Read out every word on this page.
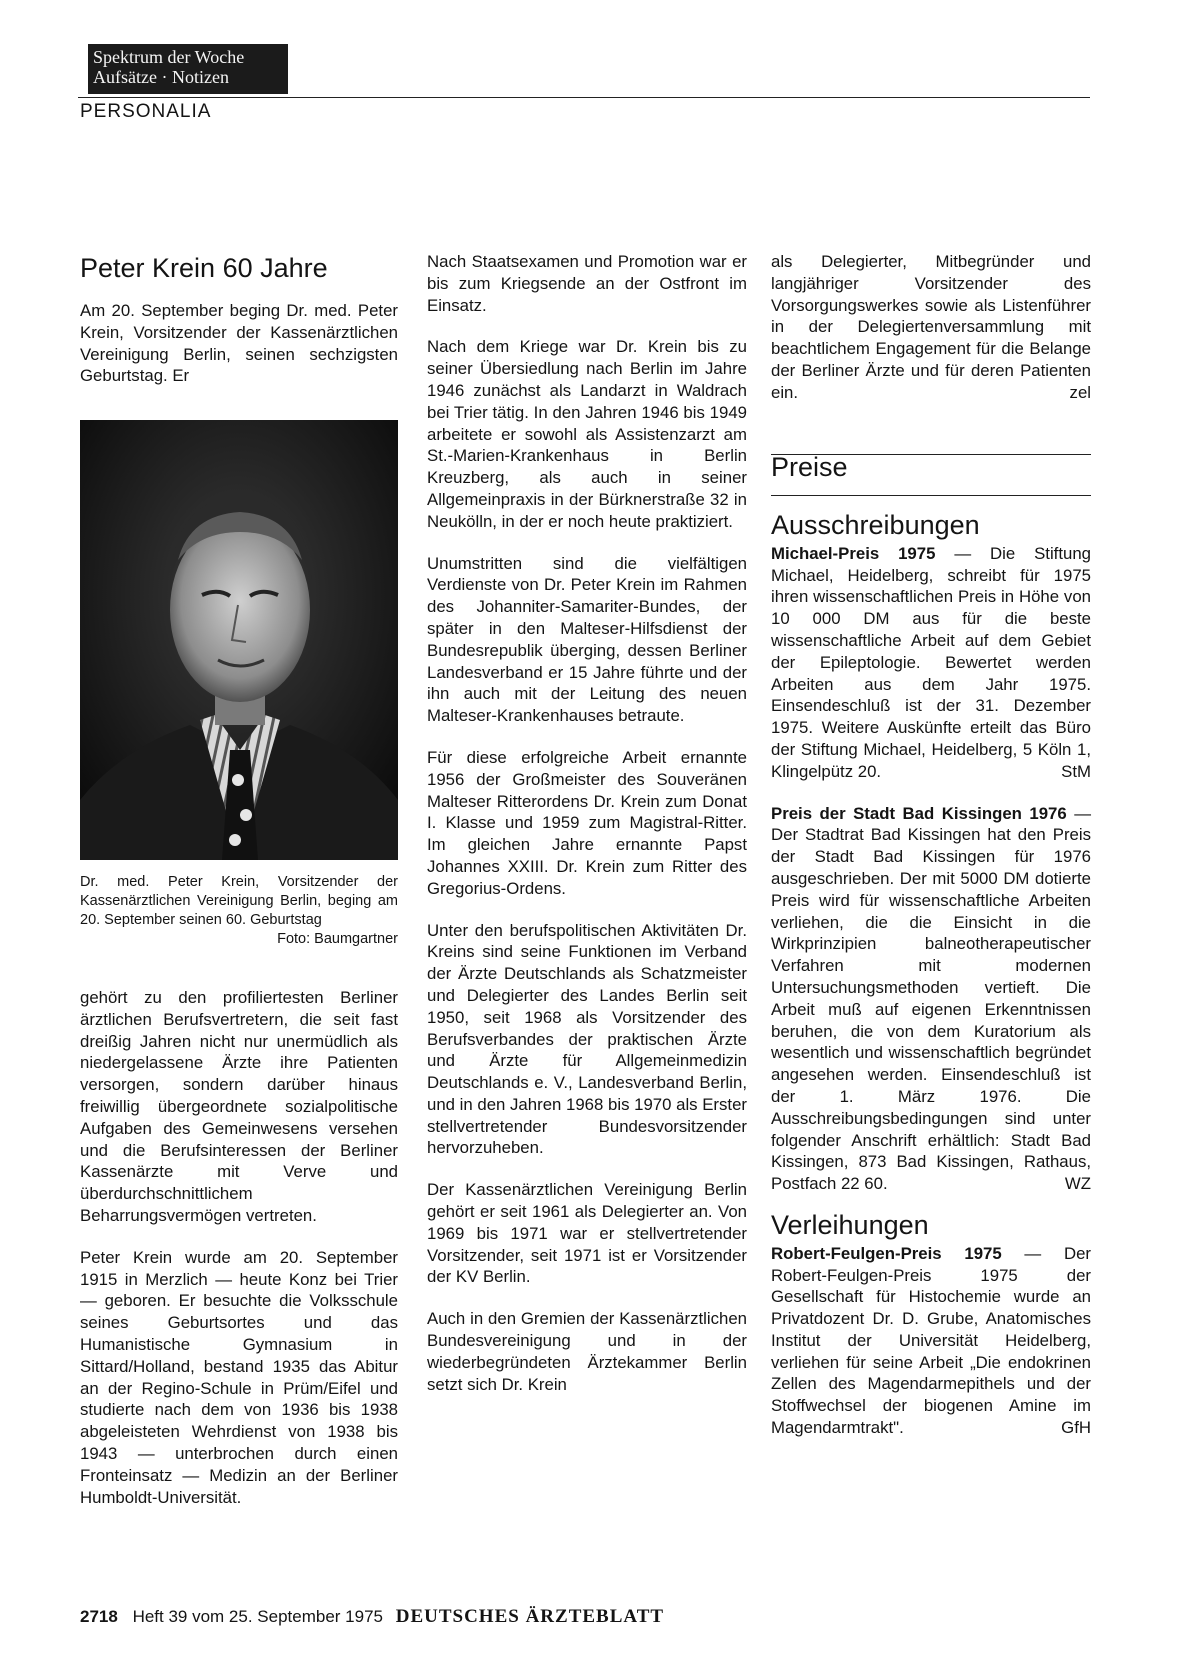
Spektrum der Woche
Aufsätze · Notizen
PERSONALIA
Peter Krein 60 Jahre

Am 20. September beging Dr. med. Peter Krein, Vorsitzender der Kassenärztlichen Vereinigung Berlin, seinen sechzigsten Geburtstag. Er

Dr. med. Peter Krein, Vorsitzender der Kassenärztlichen Vereinigung Berlin, beging am 20. September seinen 60. Geburtstag
Foto: Baumgartner

gehört zu den profiliertesten Berliner ärztlichen Berufsvertretern, die seit fast dreißig Jahren nicht nur unermüdlich als niedergelassene Ärzte ihre Patienten versorgen, sondern darüber hinaus freiwillig übergeordnete sozialpolitische Aufgaben des Gemeinwesens versehen und die Berufsinteressen der Berliner Kassenärzte mit Verve und überdurchschnittlichem Beharrungsvermögen vertreten.

Peter Krein wurde am 20. September 1915 in Merzlich — heute Konz bei Trier — geboren. Er besuchte die Volksschule seines Geburtsortes und das Humanistische Gymnasium in Sittard/Holland, bestand 1935 das Abitur an der Regino-Schule in Prüm/Eifel und studierte nach dem von 1936 bis 1938 abgeleisteten Wehrdienst von 1938 bis 1943 — unterbrochen durch einen Fronteinsatz — Medizin an der Berliner Humboldt-Universität.

Nach Staatsexamen und Promotion war er bis zum Kriegsende an der Ostfront im Einsatz.

Nach dem Kriege war Dr. Krein bis zu seiner Übersiedlung nach Berlin im Jahre 1946 zunächst als Landarzt in Waldrach bei Trier tätig. In den Jahren 1946 bis 1949 arbeitete er sowohl als Assistenzarzt am St.-Marien-Krankenhaus in Berlin Kreuzberg, als auch in seiner Allgemeinpraxis in der Bürknerstraße 32 in Neukölln, in der er noch heute praktiziert.

Unumstritten sind die vielfältigen Verdienste von Dr. Peter Krein im Rahmen des Johanniter-Samariter-Bundes, der später in den Malteser-Hilfsdienst der Bundesrepublik überging, dessen Berliner Landesverband er 15 Jahre führte und der ihn auch mit der Leitung des neuen Malteser-Krankenhauses betraute.

Für diese erfolgreiche Arbeit ernannte 1956 der Großmeister des Souveränen Malteser Ritterordens Dr. Krein zum Donat I. Klasse und 1959 zum Magistral-Ritter. Im gleichen Jahre ernannte Papst Johannes XXIII. Dr. Krein zum Ritter des Gregorius-Ordens.

Unter den berufspolitischen Aktivitäten Dr. Kreins sind seine Funktionen im Verband der Ärzte Deutschlands als Schatzmeister und Delegierter des Landes Berlin seit 1950, seit 1968 als Vorsitzender des Berufsverbandes der praktischen Ärzte und Ärzte für Allgemeinmedizin Deutschlands e. V., Landesverband Berlin, und in den Jahren 1968 bis 1970 als Erster stellvertretender Bundesvorsitzender hervorzuheben.

Der Kassenärztlichen Vereinigung Berlin gehört er seit 1961 als Delegierter an. Von 1969 bis 1971 war er stellvertretender Vorsitzender, seit 1971 ist er Vorsitzender der KV Berlin.

Auch in den Gremien der Kassenärztlichen Bundesvereinigung und in der wiederbegründeten Ärztekammer Berlin setzt sich Dr. Krein

als Delegierter, Mitbegründer und langjähriger Vorsitzender des Vorsorgungswerkes sowie als Listenführer in der Delegiertenversammlung mit beachtlichem Engagement für die Belange der Berliner Ärzte und für deren Patienten ein.	zel

Preise
Ausschreibungen

Michael-Preis 1975 — Die Stiftung Michael, Heidelberg, schreibt für 1975 ihren wissenschaftlichen Preis in Höhe von 10 000 DM aus für die beste wissenschaftliche Arbeit auf dem Gebiet der Epileptologie. Bewertet werden Arbeiten aus dem Jahr 1975. Einsendeschluß ist der 31. Dezember 1975. Weitere Auskünfte erteilt das Büro der Stiftung Michael, Heidelberg, 5 Köln 1, Klingelpütz 20.	StM

Preis der Stadt Bad Kissingen 1976 — Der Stadtrat Bad Kissingen hat den Preis der Stadt Bad Kissingen für 1976 ausgeschrieben. Der mit 5000 DM dotierte Preis wird für wissenschaftliche Arbeiten verliehen, die die Einsicht in die Wirkprinzipien balneotherapeutischer Verfahren mit modernen Untersuchungsmethoden vertieft. Die Arbeit muß auf eigenen Erkenntnissen beruhen, die von dem Kuratorium als wesentlich und wissenschaftlich begründet angesehen werden. Einsendeschluß ist der 1. März 1976. Die Ausschreibungsbedingungen sind unter folgender Anschrift erhältlich: Stadt Bad Kissingen, 873 Bad Kissingen, Rathaus, Postfach 22 60.	WZ

Verleihungen

Robert-Feulgen-Preis 1975 — Der Robert-Feulgen-Preis 1975 der Gesellschaft für Histochemie wurde an Privatdozent Dr. D. Grube, Anatomisches Institut der Universität Heidelberg, verliehen für seine Arbeit „Die endokrinen Zellen des Magendarmepithels und der Stoffwechsel der biogenen Amine im Magendarmtrakt".	GfH

2718 Heft 39 vom 25. September 1975 DEUTSCHES ÄRZTEBLATT
